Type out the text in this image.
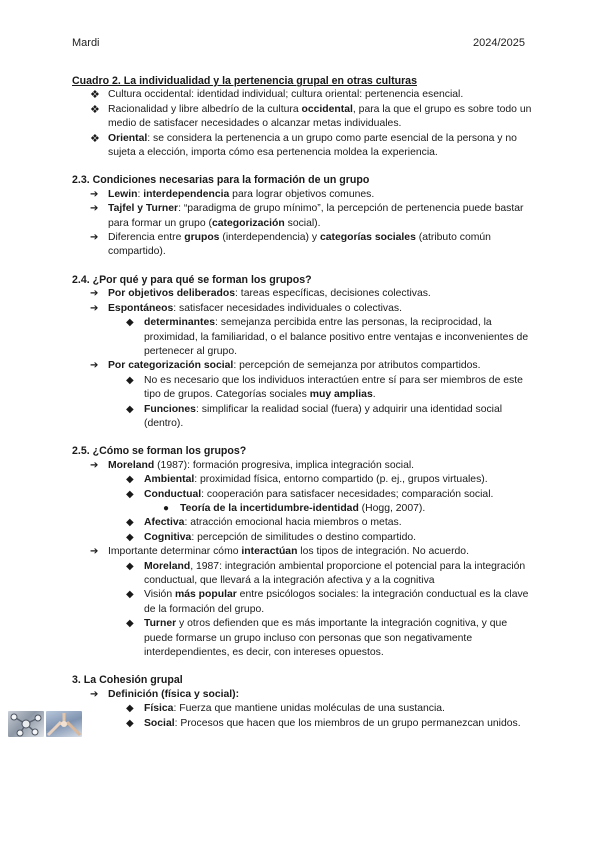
Mardi	2024/2025
Cuadro 2. La individualidad y la pertenencia grupal en otras culturas
❖ Cultura occidental: identidad individual; cultura oriental: pertenencia esencial.
❖ Racionalidad y libre albedrío de la cultura occidental, para la que el grupo es sobre todo un medio de satisfacer necesidades o alcanzar metas individuales.
❖ Oriental: se considera la pertenencia a un grupo como parte esencial de la persona y no sujeta a elección, importa cómo esa pertenencia moldea la experiencia.
2.3. Condiciones necesarias para la formación de un grupo
➔ Lewin: interdependencia para lograr objetivos comunes.
➔ Tajfel y Turner: “paradigma de grupo mínimo”, la percepción de pertenencia puede bastar para formar un grupo (categorización social).
➔ Diferencia entre grupos (interdependencia) y categorías sociales (atributo común compartido).
2.4. ¿Por qué y para qué se forman los grupos?
➔ Por objetivos deliberados: tareas específicas, decisiones colectivas.
➔ Espontáneos: satisfacer necesidades individuales o colectivas.
◆ determinantes: semejanza percibida entre las personas, la reciprocidad, la proximidad, la familiaridad, o el balance positivo entre ventajas e inconvenientes de pertenecer al grupo.
➔ Por categorización social: percepción de semejanza por atributos compartidos.
◆ No es necesario que los individuos interactúen entre sí para ser miembros de este tipo de grupos. Categorías sociales muy amplias.
◆ Funciones: simplificar la realidad social (fuera) y adquirir una identidad social (dentro).
2.5. ¿Cómo se forman los grupos?
➔ Moreland (1987): formación progresiva, implica integración social.
◆ Ambiental: proximidad física, entorno compartido (p. ej., grupos virtuales).
◆ Conductual: cooperación para satisfacer necesidades; comparación social.
● Teoría de la incertidumbre-identidad (Hogg, 2007).
◆ Afectiva: atracción emocional hacia miembros o metas.
◆ Cognitiva: percepción de similitudes o destino compartido.
➔ Importante determinar cómo interactúan los tipos de integración. No acuerdo.
◆ Moreland, 1987: integración ambiental proporcione el potencial para la integración conductual, que llevará a la integración afectiva y a la cognitiva
◆ Visión más popular entre psicólogos sociales: la integración conductual es la clave de la formación del grupo.
◆ Turner y otros defienden que es más importante la integración cognitiva, y que puede formarse un grupo incluso con personas que son negativamente interdependientes, es decir, con intereses opuestos.
3. La Cohesión grupal
➔ Definición (física y social):
◆ Física: Fuerza que mantiene unidas moléculas de una sustancia.
◆ Social: Procesos que hacen que los miembros de un grupo permanezcan unidos.
